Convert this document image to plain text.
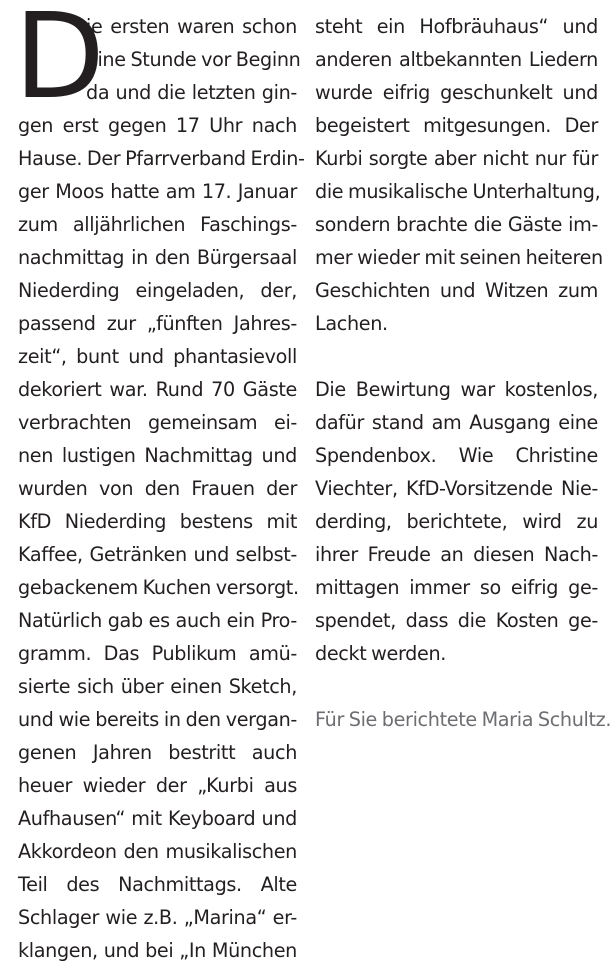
D
ie ersten waren schon
eine Stunde vor Beginn
da und die letzten gin-
gen erst gegen 17 Uhr nach
Hause. Der Pfarrverband Erdin-
ger Moos hatte am 17. Januar
zum alljährlichen Faschings-
nachmittag in den Bürgersaal
Niederding eingeladen, der,
passend zur „fünften Jahres-
zeit“, bunt und phantasievoll
dekoriert war. Rund 70 Gäste
verbrachten gemeinsam ei-
nen lustigen Nachmittag und
wurden von den Frauen der
KfD Niederding bestens mit
Kaffee, Getränken und selbst-
gebackenem Kuchen versorgt.
Natürlich gab es auch ein Pro-
gramm. Das Publikum amü-
sierte sich über einen Sketch,
und wie bereits in den vergan-
genen Jahren bestritt auch
heuer wieder der „Kurbi aus
Aufhausen“ mit Keyboard und
Akkordeon den musikalischen
Teil des Nachmittags. Alte
Schlager wie z.B. „Marina“ er-
klangen, und bei „In München
steht ein Hofbräuhaus“ und
anderen altbekannten Liedern
wurde eifrig geschunkelt und
begeistert mitgesungen. Der
Kurbi sorgte aber nicht nur für
die musikalische Unterhaltung,
sondern brachte die Gäste im-
mer wieder mit seinen heiteren
Geschichten und Witzen zum
Lachen.
Die Bewirtung war kostenlos,
dafür stand am Ausgang eine
Spendenbox. Wie Christine
Viechter, KfD-Vorsitzende Nie-
derding, berichtete, wird zu
ihrer Freude an diesen Nach-
mittagen immer so eifrig ge-
spendet, dass die Kosten ge-
deckt werden.
Für Sie berichtete Maria Schultz.
